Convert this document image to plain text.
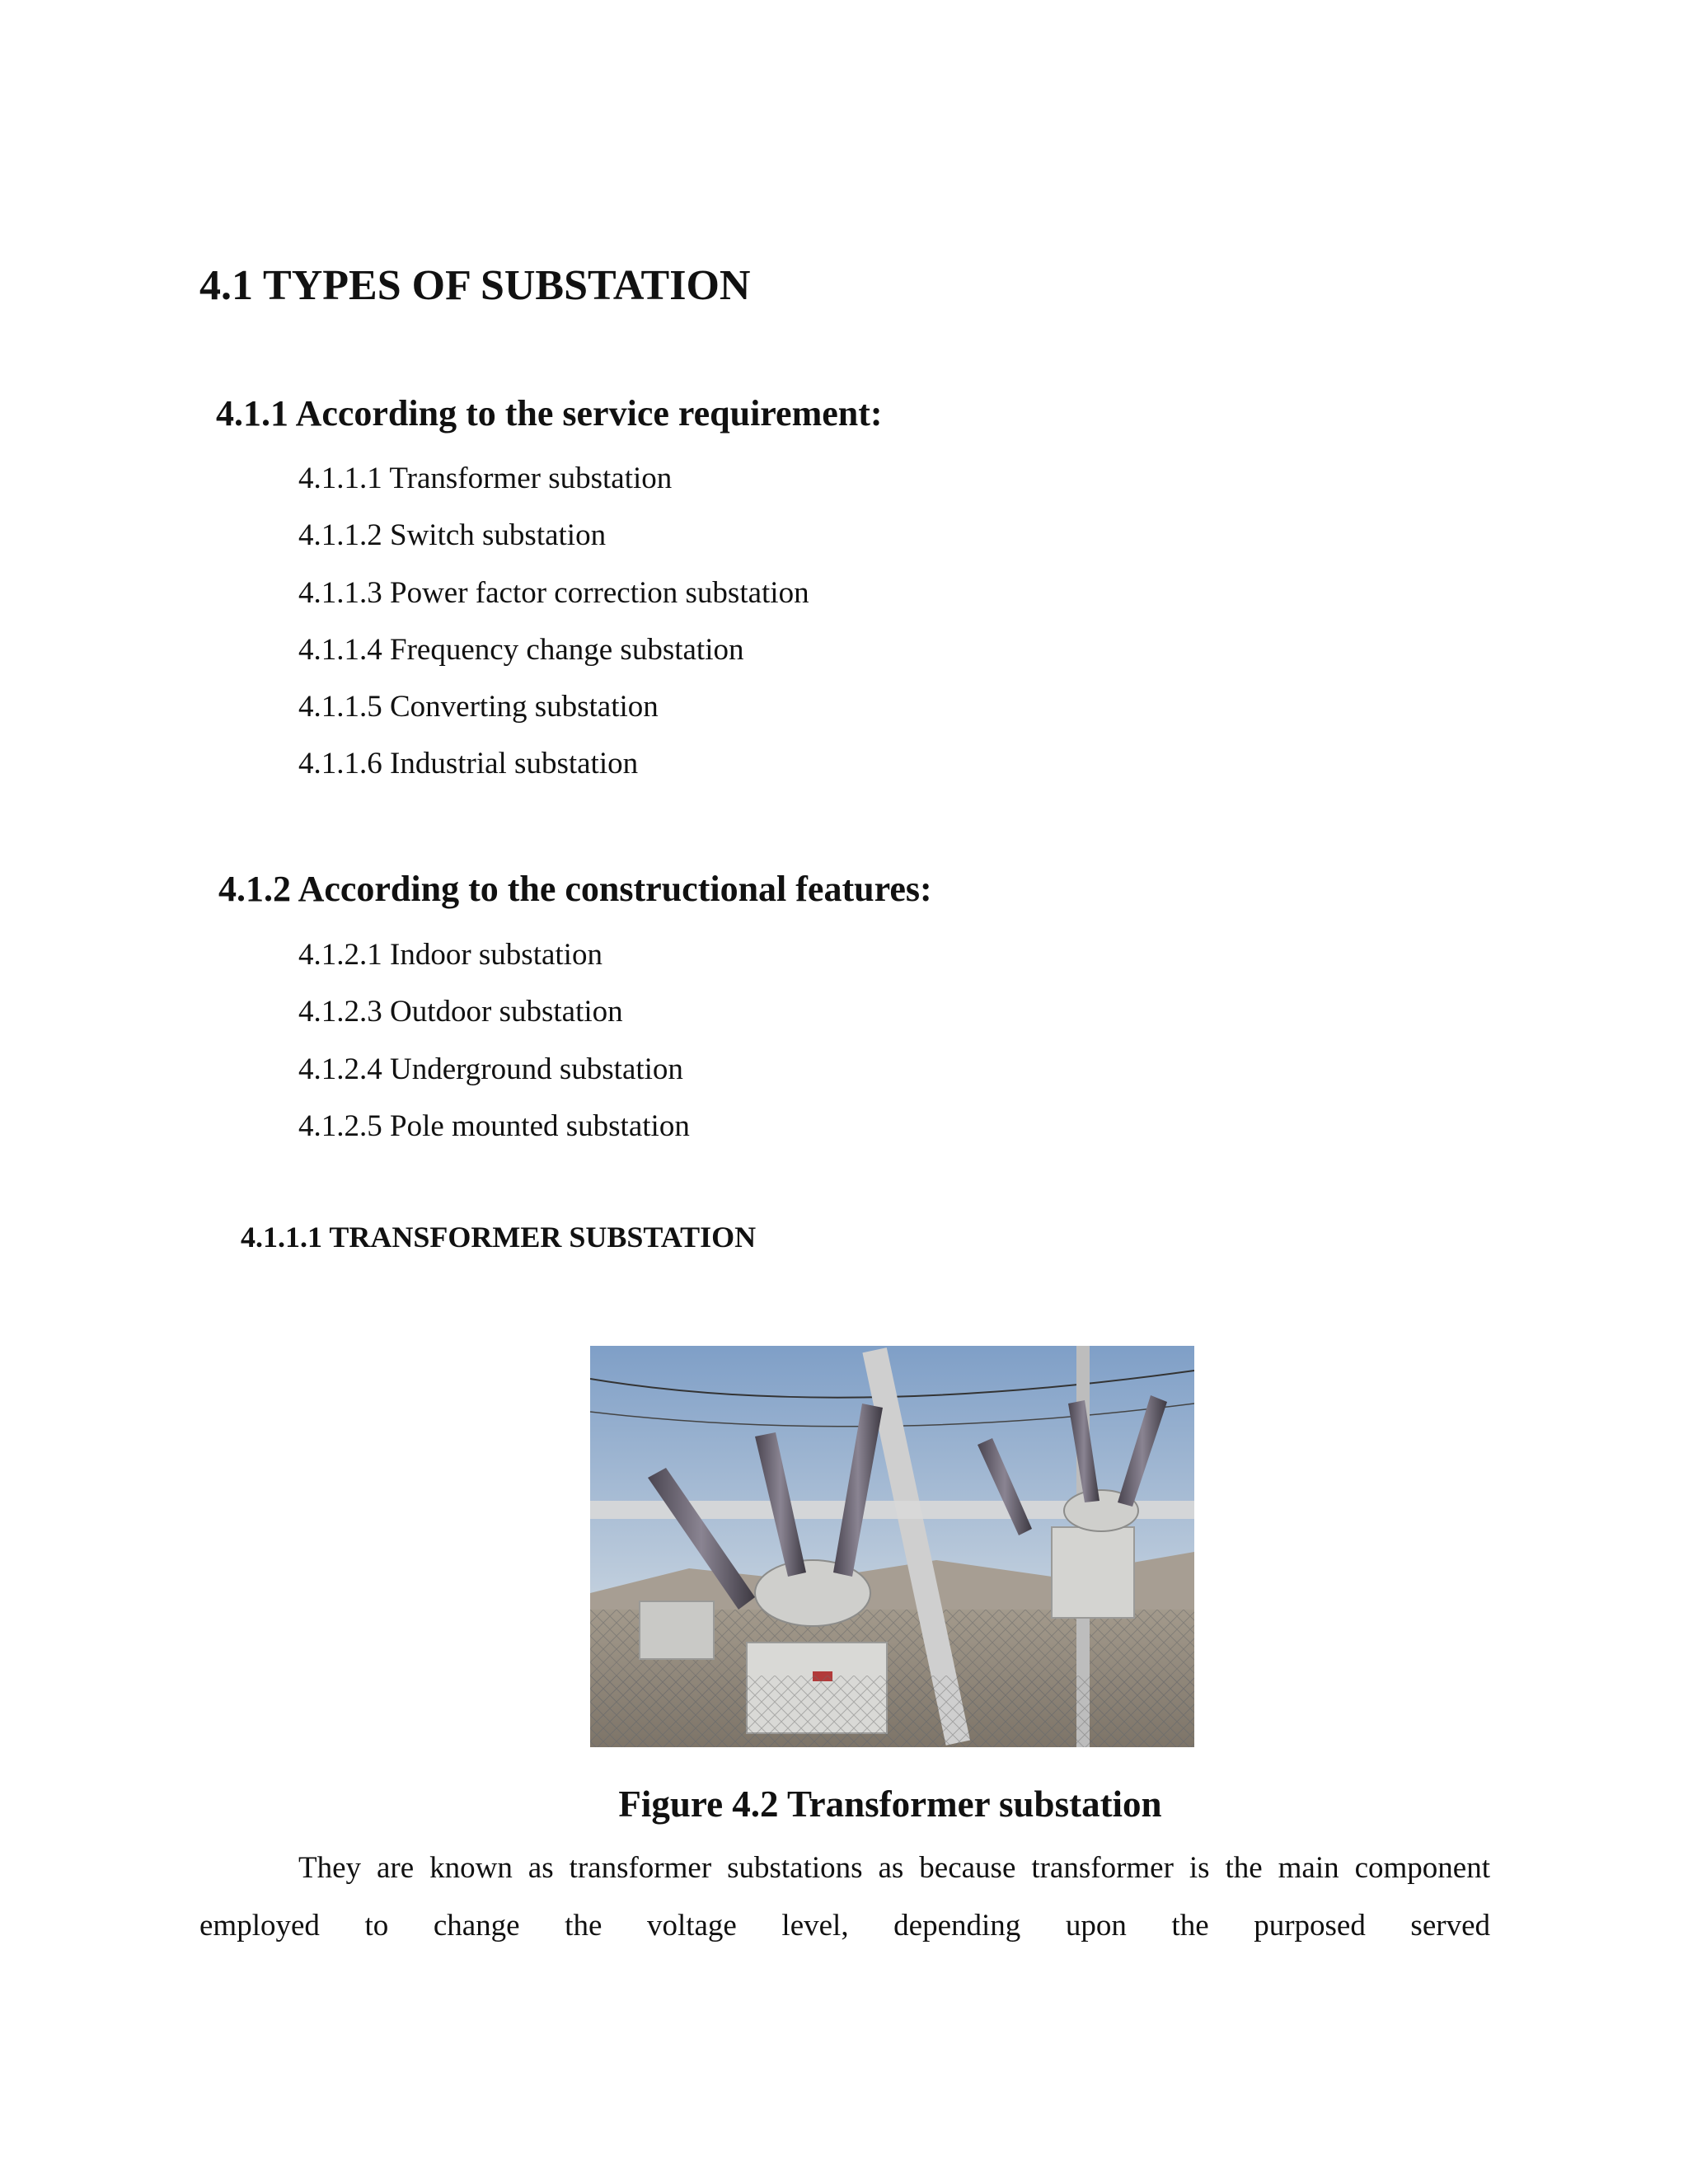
4.1 TYPES OF SUBSTATION
4.1.1 According to the service requirement:
4.1.1.1 Transformer substation
4.1.1.2 Switch substation
4.1.1.3 Power factor correction substation
4.1.1.4 Frequency change substation
4.1.1.5 Converting substation
4.1.1.6 Industrial substation
4.1.2 According to the constructional features:
4.1.2.1 Indoor substation
4.1.2.3 Outdoor substation
4.1.2.4 Underground substation
4.1.2.5 Pole mounted substation
4.1.1.1 TRANSFORMER SUBSTATION
Figure 4.2 Transformer substation

They are known as transformer substations as because transformer is the main component employed to change the voltage level, depending upon the purposed served
